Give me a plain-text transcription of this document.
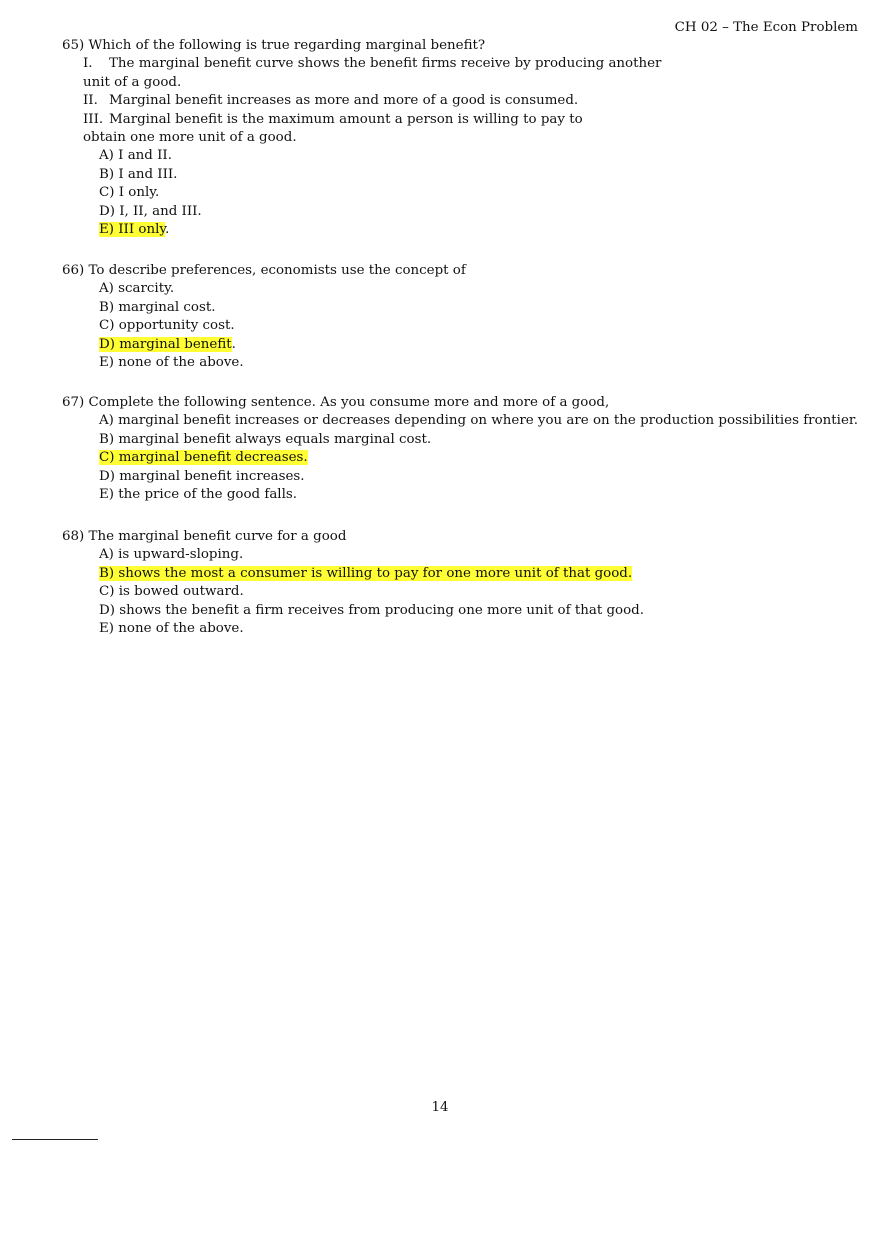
CH 02 – The Econ Problem
65) Which of the following is true regarding marginal benefit?
I. The marginal benefit curve shows the benefit firms receive by producing another
unit of a good.
II. Marginal benefit increases as more and more of a good is consumed.
III. Marginal benefit is the maximum amount a person is willing to pay to
obtain one more unit of a good.
A) I and II.
B) I and III.
C) I only.
D) I, II, and III.
E) III only.
66) To describe preferences, economists use the concept of
A) scarcity.
B) marginal cost.
C) opportunity cost.
D) marginal benefit.
E) none of the above.
67) Complete the following sentence. As you consume more and more of a good,
A) marginal benefit increases or decreases depending on where you are on the production possibilities frontier.
B) marginal benefit always equals marginal cost.
C) marginal benefit decreases.
D) marginal benefit increases.
E) the price of the good falls.
68) The marginal benefit curve for a good
A) is upward‑sloping.
B) shows the most a consumer is willing to pay for one more unit of that good.
C) is bowed outward.
D) shows the benefit a firm receives from producing one more unit of that good.
E) none of the above.
14
